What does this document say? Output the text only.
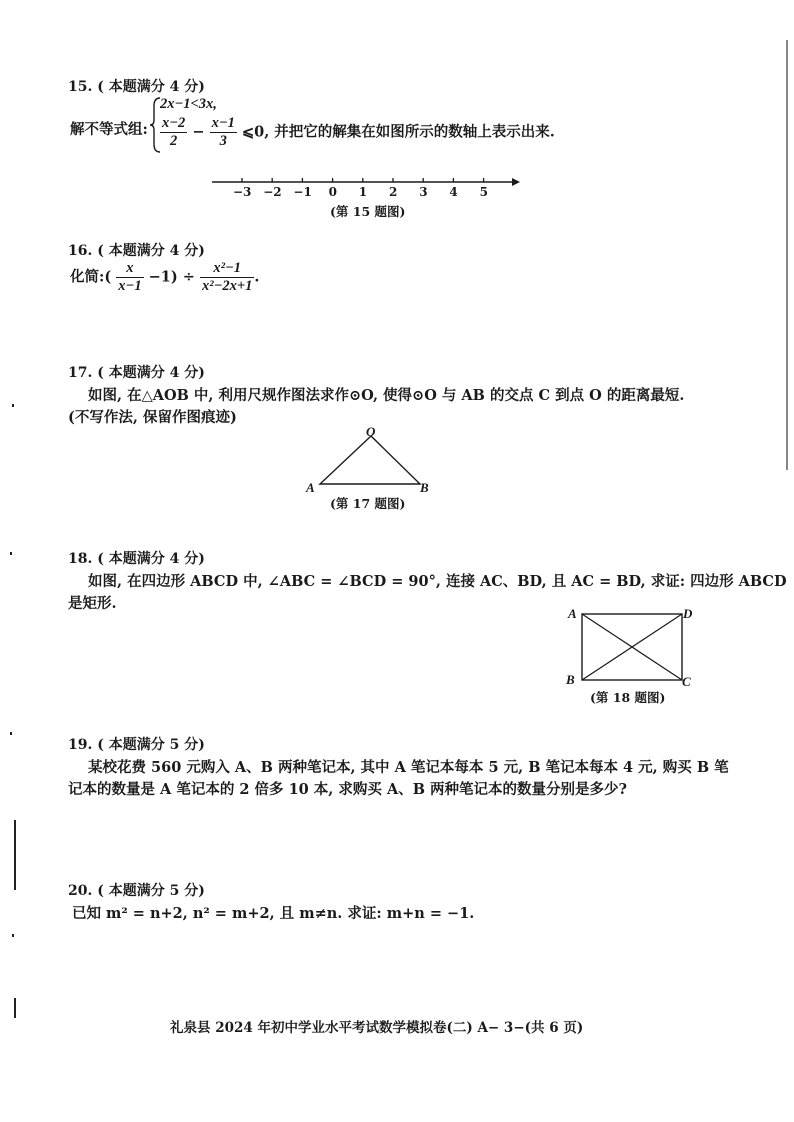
15. ( 本题满分 4 分)
解不等式组:
2x−1<3x,
$\frac{x-2}{2} - \frac{x-1}{3}$ ⩽0, 并把它的解集在如图所示的数轴上表示出来.
−3 −2 −1 0 1 2 3 4 5
(第 15 题图)
16. ( 本题满分 4 分)
化简:( $\frac{x}{x-1} -1) \div \frac{\text{x²−1}}{\text{x²−2x+1}}$ .
17. ( 本题满分 4 分)
如图, 在△AOB 中, 利用尺规作图法求作⊙O, 使得⊙O 与 AB 的交点 C 到点 O 的距离最短.
(不写作法, 保留作图痕迹)
O
A	B
(第 17 题图)
18. ( 本题满分 4 分)
如图, 在四边形 ABCD 中, ∠ABC = ∠BCD = 90°, 连接 AC、BD, 且 AC = BD, 求证: 四边形 ABCD
是矩形.
A	D
B	C
(第 18 题图)
19. ( 本题满分 5 分)
某校花费 560 元购入 A、B 两种笔记本, 其中 A 笔记本每本 5 元, B 笔记本每本 4 元, 购买 B 笔
记本的数量是 A 笔记本的 2 倍多 10 本, 求购买 A、B 两种笔记本的数量分别是多少?
20. ( 本题满分 5 分)
已知 m² = n+2, n² = m+2, 且 m≠n. 求证: m+n = −1.
礼泉县 2024 年初中学业水平考试数学模拟卷(二) A− 3−(共 6 页)
